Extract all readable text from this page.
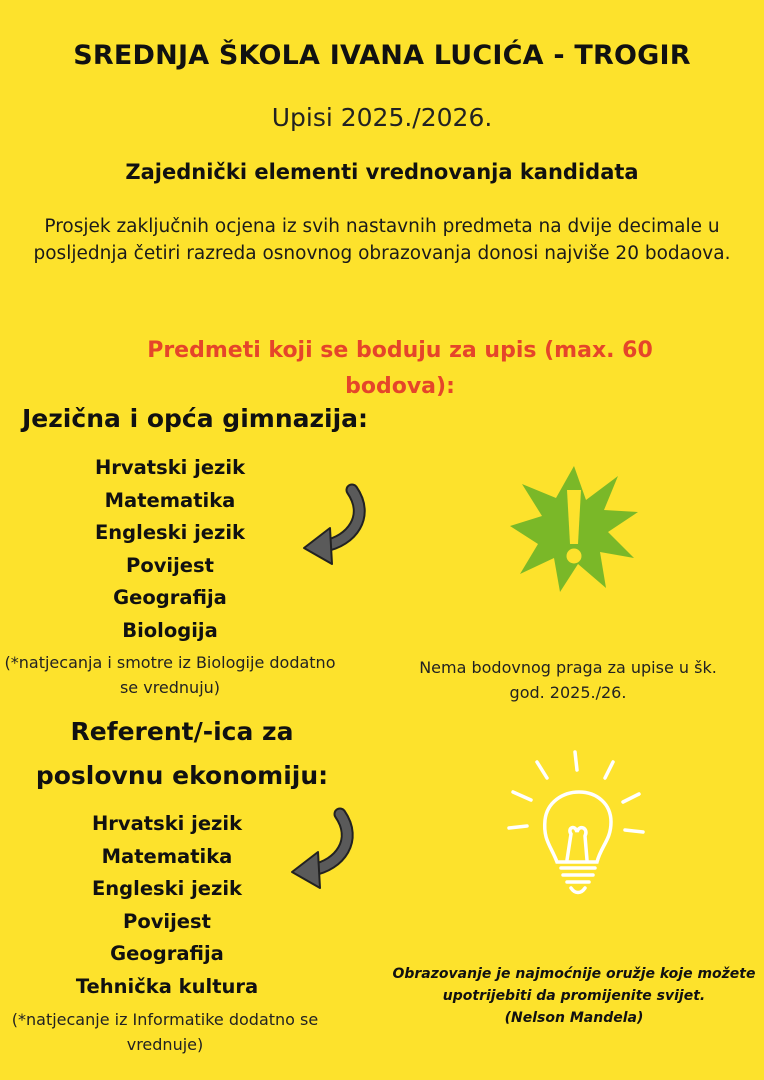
SREDNJA ŠKOLA IVANA LUCIĆA - TROGIR
Upisi 2025./2026.
Zajednički elementi vrednovanja kandidata
Prosjek zaključnih ocjena iz svih nastavnih predmeta na dvije decimale u posljednja četiri razreda osnovnog obrazovanja donosi najviše 20 bodaova.
Predmeti koji se boduju za upis (max. 60 bodova):
Jezična i opća gimnazija:
Hrvatski jezik
Matematika
Engleski jezik
Povijest
Geografija
Biologija
(*natjecanja i smotre iz Biologije dodatno se vrednuju)
Referent/-ica za poslovnu ekonomiju:
Hrvatski jezik
Matematika
Engleski jezik
Povijest
Geografija
Tehnička kultura
(*natjecanje iz Informatike dodatno se vrednuje)
Nema bodovnog praga za upise u šk. god. 2025./26.
Obrazovanje je najmoćnije oružje koje možete upotrijebiti da promijenite svijet.
(Nelson Mandela)
